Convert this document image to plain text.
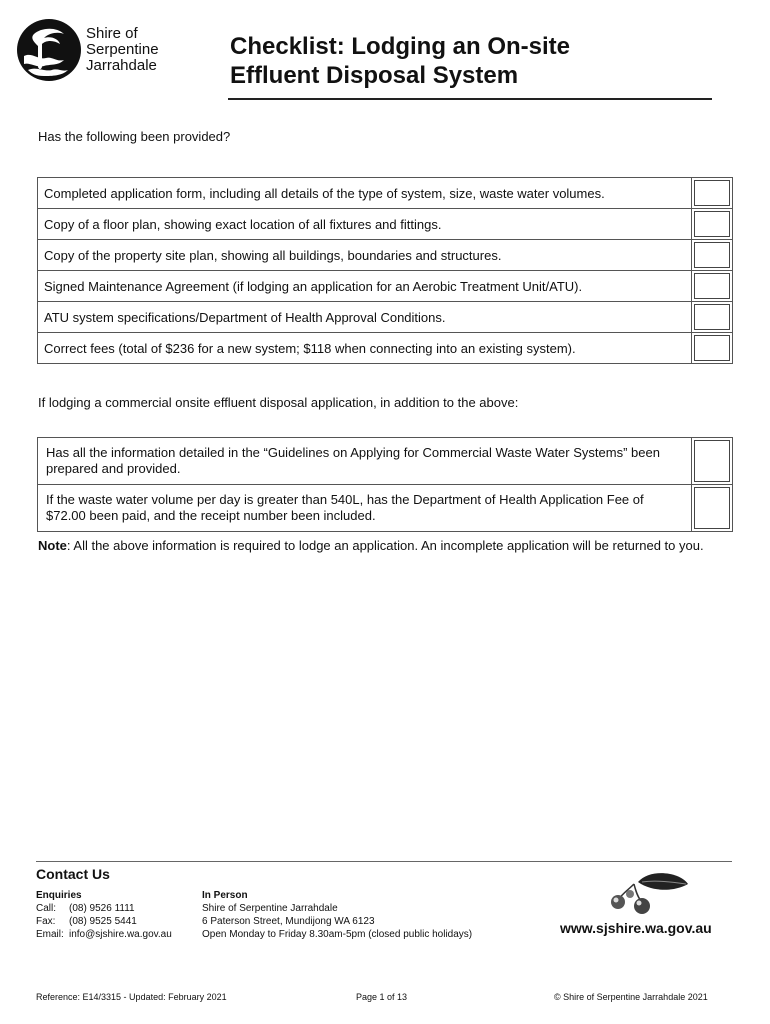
Shire of
Serpentine
Jarrahdale
Checklist: Lodging an On-site
Effluent Disposal System
Has the following been provided?
Completed application form, including all details of the type of system, size, waste water volumes.	

Copy of a floor plan, showing exact location of all fixtures and fittings.	

Copy of the property site plan, showing all buildings, boundaries and structures.	

Signed Maintenance Agreement (if lodging an application for an Aerobic Treatment Unit/ATU).	

ATU system specifications/Department of Health Approval Conditions.	

Correct fees (total of $236 for a new system; $118 when connecting into an existing system).	
If lodging a commercial onsite effluent disposal application, in addition to the above:
Has all the information detailed in the “Guidelines on Applying for Commercial Waste Water Systems” been prepared and provided.	

If the waste water volume per day is greater than 540L, has the Department of Health Application Fee of $72.00 been paid, and the receipt number been included.	
Note: All the above information is required to lodge an application. An incomplete application will be returned to you.
Contact Us
Enquiries
Call:	(08) 9526 1111
Fax:	(08) 9525 5441
Email: info@sjshire.wa.gov.au
In Person
Shire of Serpentine Jarrahdale
6 Paterson Street, Mundijong WA 6123
Open Monday to Friday 8.30am-5pm (closed public holidays)	www.sjshire.wa.gov.au
Reference: E14/3315 - Updated: February 2021	Page 1 of 13	© Shire of Serpentine Jarrahdale 2021
